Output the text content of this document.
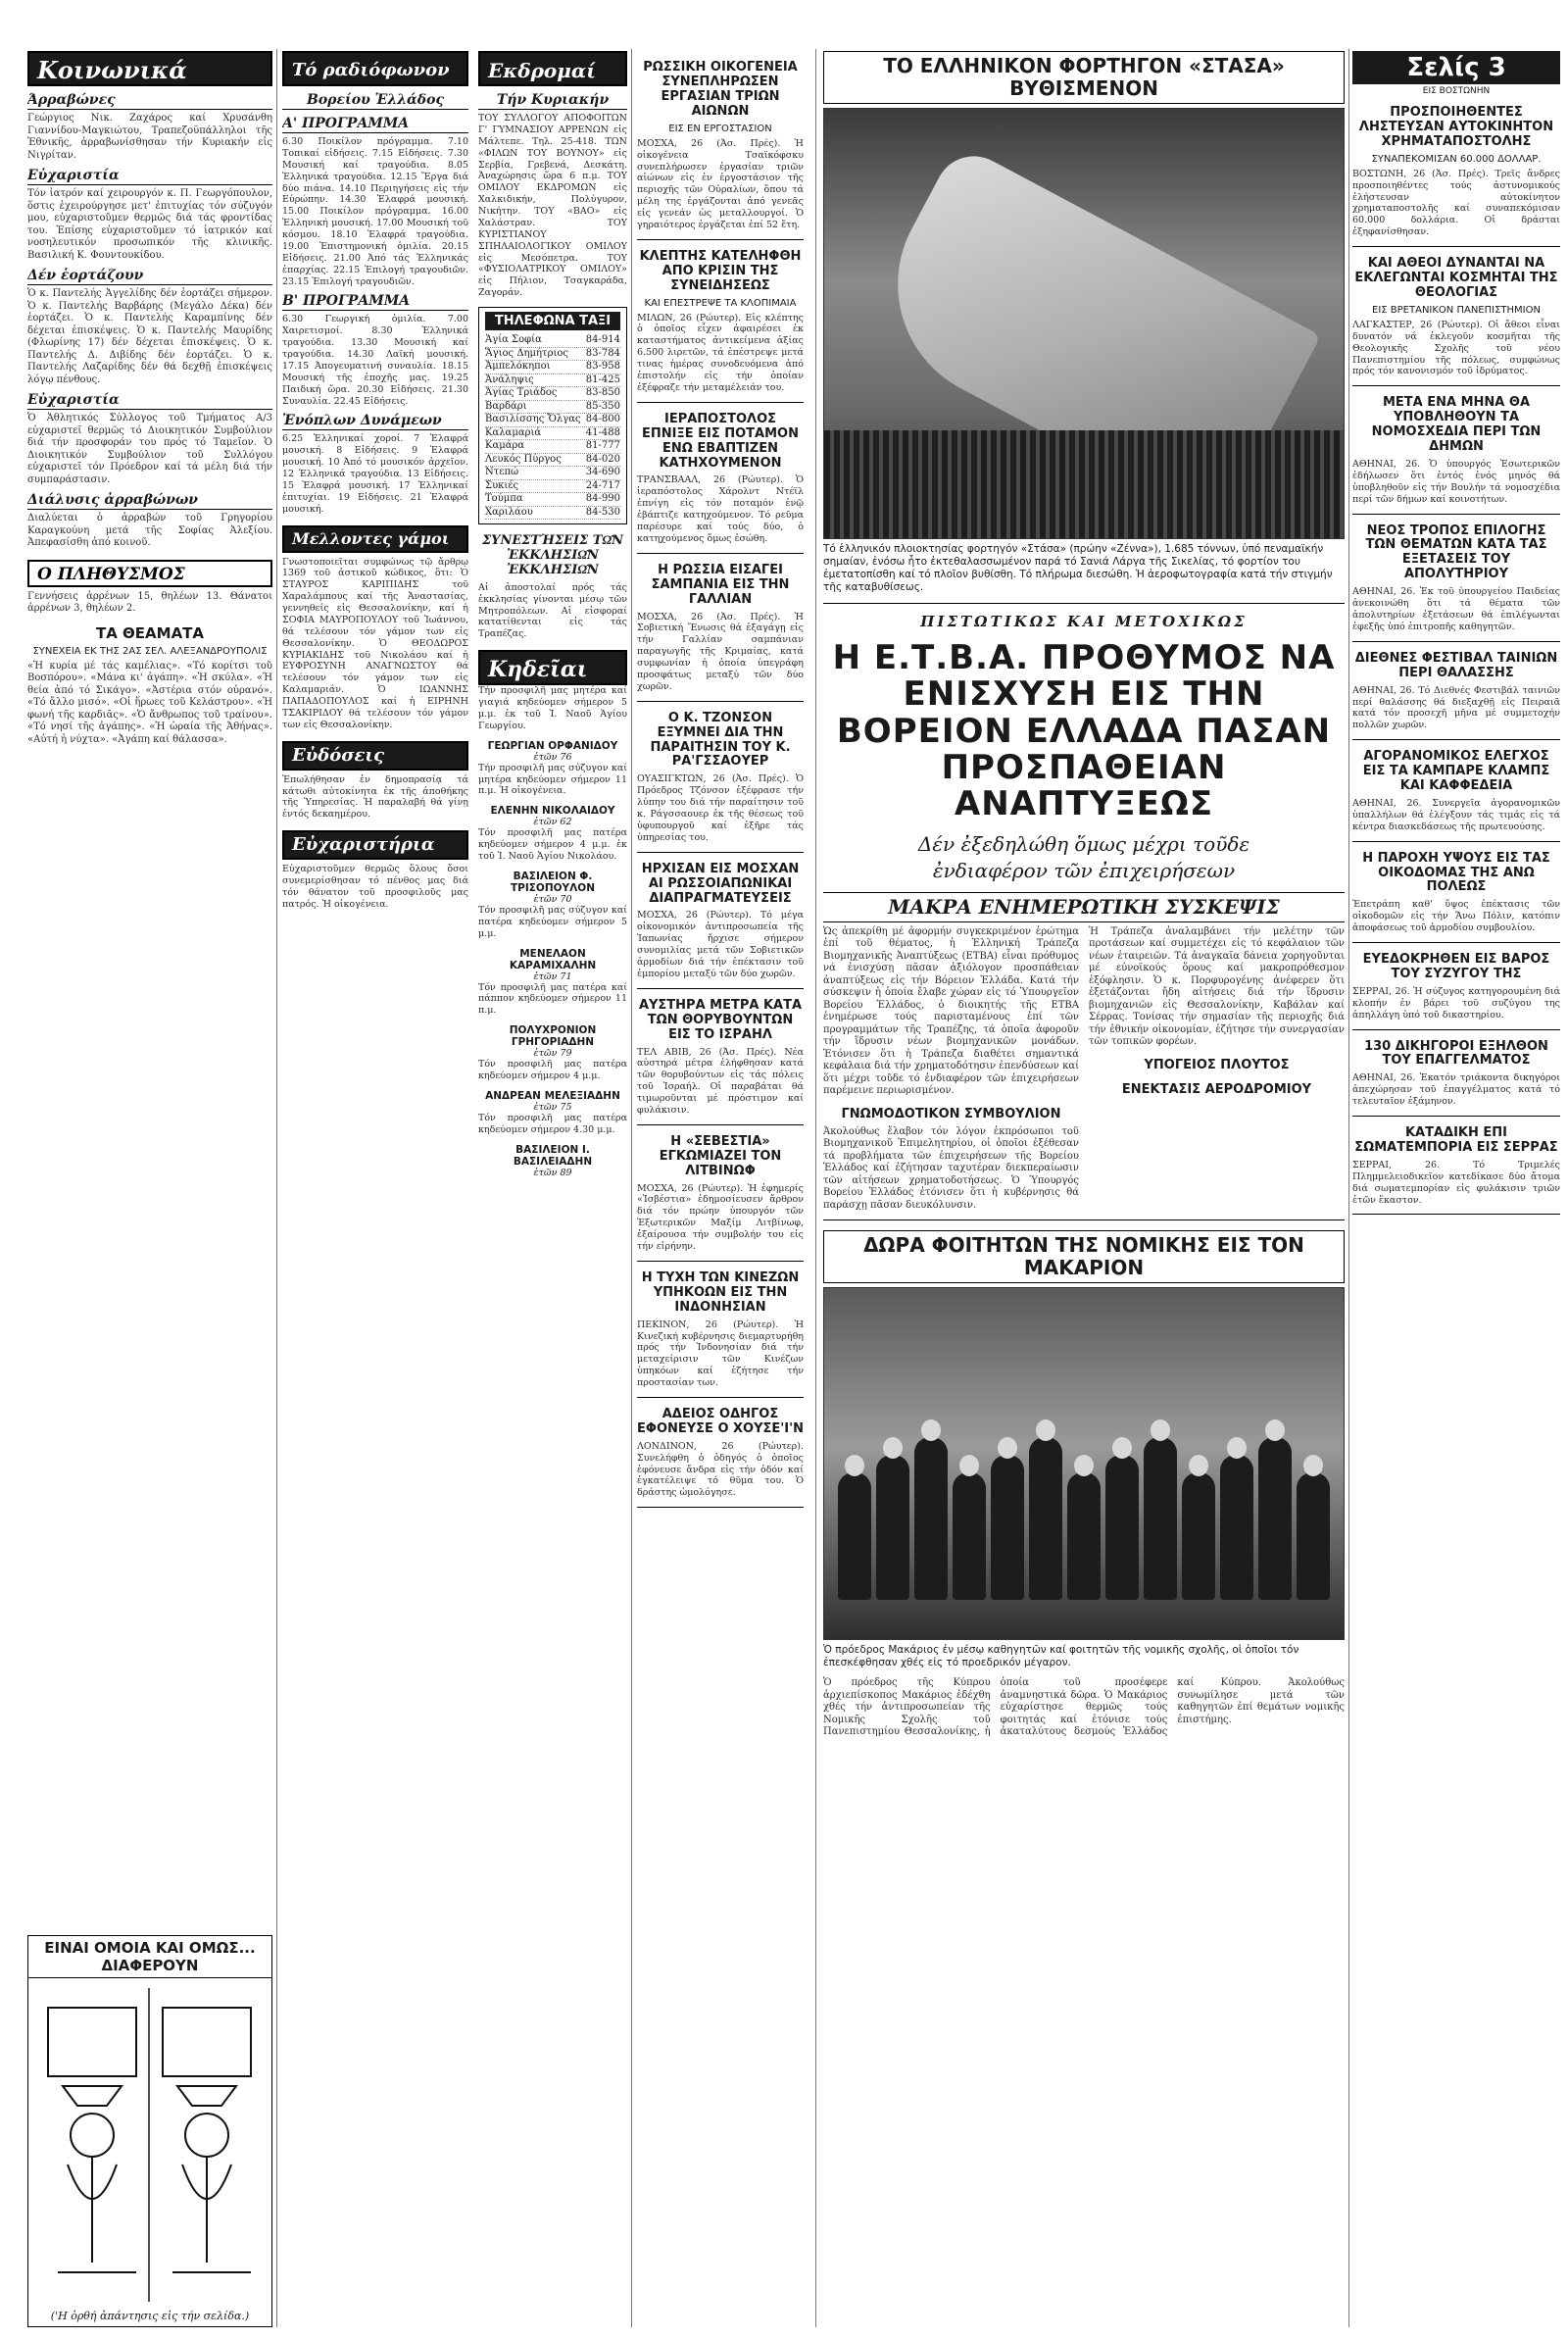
Κοινωνικά
Άρραβώνες
Γεώργιος Νικ. Ζαχάρος καί Χρυσάνθη Γιαννίδου-Μαγκιώτου, Τραπεζοϋπάλληλοι τῆς Ἐθνικῆς, ἀρραβωνίσθησαν τήν Κυριακήν εἰς Νιγρίταν.
Εὐχαριστία
Τόν ἰατρόν καί χειρουργόν κ. Π. Γεωργόπουλον, ὅστις ἐχειρούργησε μετ' ἐπιτυχίας τόν σύζυγόν μου, εὐχαριστοῦμεν θερμῶς διά τάς φροντίδας του. Ἐπίσης εὐχαριστοῦμεν τό ἰατρικόν καί νοσηλευτικόν προσωπικόν τῆς κλινικῆς. Βασιλική Κ. Φουντουκίδου.
Δέν ἑορτάζουν
Ὁ κ. Παντελής Ἀγγελίδης δέν ἑορτάζει σήμερον. Ὁ κ. Παντελής Βαρβάρης (Μεγάλο Δέκα) δέν ἑορτάζει. Ὁ κ. Παντελής Καραμπίνης δέν δέχεται ἐπισκέψεις. Ὁ κ. Παντελής Μαυρίδης (Φλωρίνης 17) δέν δέχεται ἐπισκέψεις. Ὁ κ. Παντελής Δ. Διβίδης δέν ἑορτάζει. Ὁ κ. Παντελής Λαζαρίδης δέν θά δεχθῇ ἐπισκέψεις λόγῳ πένθους.
Εὐχαριστία
Ὁ Ἀθλητικός Σύλλογος τοῦ Τμήματος Α/3 εὐχαριστεῖ θερμῶς τό Διοικητικόν Συμβούλιον διά τήν προσφοράν του πρός τό Ταμεῖον. Ὁ Διοικητικόν Συμβούλιον τοῦ Συλλόγου εὐχαριστεῖ τόν Πρόεδρον καί τά μέλη διά τήν συμπαράστασιν.
Διάλυσις ἀρραβώνων
Διαλύεται ὁ ἀρραβών τοῦ Γρηγορίου Καραγκούνη μετά τῆς Σοφίας Ἀλεξίου. Ἀπεφασίσθη ἀπό κοινοῦ.
Ο ΠΛΗΘΥΣΜΟΣ
Γεννήσεις ἀρρένων 15, θηλέων 13. Θάνατοι ἀρρένων 3, θηλέων 2.
ΤΑ ΘΕΑΜΑΤΑ
ΣΥΝΕΧΕΙΑ ΕΚ ΤΗΣ 2ΑΣ ΣΕΛ. ΑΛΕΞΑΝΔΡΟΥΠΟΛΙΣ
«Ἡ κυρία μέ τάς καμέλιας». «Τό κορίτσι τοῦ Βοσπόρου». «Μάνα κι' ἀγάπη». «Ἡ σκύλα». «Ἡ θεία ἀπό τό Σικάγο». «Ἀστέρια στόν οὐρανό». «Τό ἄλλο μισό». «Οἱ ἥρωες τοῦ Κελάστρου». «Ἡ φωνή τῆς καρδιᾶς». «Ὁ ἄνθρωπος τοῦ τραίνου». «Τό νησί τῆς ἀγάπης». «Ἡ ὡραία τῆς Ἀθήνας». «Αὐτή ἡ νύχτα». «Ἀγάπη καί θάλασσα».
ΕΙΝΑΙ ΟΜΟΙΑ ΚΑΙ ΟΜΩΣ... ΔΙΑΦΕΡΟΥΝ
('Η ὀρθή ἀπάντησις εἰς τήν σελίδα.)
Τό ραδιόφωνον
Βορείου Ἑλλάδος
Α' ΠΡΟΓΡΑΜΜΑ
6.30 Ποικίλον πρόγραμμα. 7.10 Τοπικαί εἰδήσεις. 7.15 Εἰδήσεις. 7.30 Μουσική καί τραγούδια. 8.05 Ἑλληνικά τραγούδια. 12.15 Ἔργα διά δύο πιάνα. 14.10 Περιηγήσεις εἰς τήν Εὐρώπην. 14.30 Ἑλαφρά μουσική. 15.00 Ποικίλον πρόγραμμα. 16.00 Ἑλληνική μουσική. 17.00 Μουσική τοῦ κόσμου. 18.10 Ἐλαφρά τραγούδια. 19.00 Ἐπιστημονική ὁμιλία. 20.15 Εἰδήσεις. 21.00 Ἀπό τάς Ἑλληνικάς ἐπαρχίας. 22.15 Ἐπιλογή τραγουδιῶν. 23.15 Ἐπιλογή τραγουδιῶν.
Β' ΠΡΟΓΡΑΜΜΑ
6.30 Γεωργική ὁμιλία. 7.00 Χαιρετισμοί. 8.30 Ἑλληνικά τραγούδια. 13.30 Μουσική καί τραγούδια. 14.30 Λαϊκή μουσική. 17.15 Ἀπογευματινή συναυλία. 18.15 Μουσική τῆς ἐποχῆς μας. 19.25 Παιδική ὥρα. 20.30 Εἰδήσεις. 21.30 Συναυλία. 22.45 Εἰδήσεις.
Ἐνόπλων Δυνάμεων
6.25 Ἑλληνικαί χοροί. 7 Ἑλαφρά μουσική. 8 Εἰδήσεις. 9 Ἐλαφρά μουσική. 10 Ἀπό τό μουσικόν ἀρχεῖον. 12 Ἑλληνικά τραγούδια. 13 Εἰδήσεις. 15 Ἐλαφρά μουσική. 17 Ἑλληνικαί ἐπιτυχίαι. 19 Εἰδήσεις. 21 Ἐλαφρά μουσική.
Μελλοντες γάμοι
Γνωστοποιεῖται συμφώνως τῷ ἄρθρῳ 1369 τοῦ ἀστικοῦ κώδικος, ὅτι: Ὁ ΣΤΑΥΡΟΣ ΚΑΡΙΠΙΔΗΣ τοῦ Χαραλάμπους καί τῆς Ἀναστασίας, γεννηθείς εἰς Θεσσαλονίκην, καί ἡ ΣΟΦΙΑ ΜΑΥΡΟΠΟΥΛΟΥ τοῦ Ἰωάννου, θά τελέσουν τόν γάμον των εἰς Θεσσαλονίκην. Ὁ ΘΕΟΔΩΡΟΣ ΚΥΡΙΑΚΙΔΗΣ τοῦ Νικολάου καί ἡ ΕΥΦΡΟΣΥΝΗ ΑΝΑΓΝΩΣΤΟΥ θά τελέσουν τόν γάμον των εἰς Καλαμαριάν. Ὁ ΙΩΑΝΝΗΣ ΠΑΠΑΔΟΠΟΥΛΟΣ καί ἡ ΕΙΡΗΝΗ ΤΣΑΚΙΡΙΔΟΥ θά τελέσουν τόν γάμον των εἰς Θεσσαλονίκην.
Εὐδόσεις
Ἐπωλήθησαν ἐν δημοπρασίᾳ τά κάτωθι αὐτοκίνητα ἐκ τῆς ἀποθήκης τῆς Ὑπηρεσίας. Ἡ παραλαβή θά γίνῃ ἐντός δεκαημέρου.
Εὐχαριστήρια
Εὐχαριστοῦμεν θερμῶς ὅλους ὅσοι συνεμερίσθησαν τό πένθος μας διά τόν θάνατον τοῦ προσφιλοῦς μας πατρός. Ἡ οἰκογένεια.
Εκδρομαί
Τήν Κυριακήν
ΤΟΥ ΣΥΛΛΟΓΟΥ ΑΠΟΦΟΙΤΩΝ Γ' ΓΥΜΝΑΣΙΟΥ ΑΡΡΕΝΩΝ εἰς Μάλτεπε. Τηλ. 25-418. ΤΩΝ «ΦΙΛΩΝ ΤΟΥ ΒΟΥΝΟΥ» εἰς Σερβία, Γρεβενά, Δεσκάτη. Ἀναχώρησις ὥρα 6 π.μ. ΤΟΥ ΟΜΙΛΟΥ ΕΚΔΡΟΜΩΝ εἰς Χαλκιδικήν, Πολύγυρον, Νικήτην. ΤΟΥ «ΒΑΟ» εἰς Χαλάστραν. ΤΟΥ ΚΥΡΙΣΤΙΑΝΟΥ ΣΠΗΛΑΙΟΛΟΓΙΚΟΥ ΟΜΙΛΟΥ εἰς Μεσόπετρα. ΤΟΥ «ΦΥΣΙΟΛΑΤΡΙΚΟΥ ΟΜΙΛΟΥ» εἰς Πήλιον, Τσαγκαράδα, Ζαγοράν.
ΤΗΛΕΦΩΝΑ ΤΑΞΙ
Ἁγία Σοφία	84-914
Ἅγιος Δημήτριος 83-784
Ἀμπελόκηποι	83-958
Ἀνάληψις	81-425
Ἀγίας Τριάδος	83-850
Βαρδάρι	85-350
Βασιλίσσης Ὄλγας 84-800
Καλαμαριά	41-488
Καμάρα	81-777
Λευκός Πύργος 84-020
Ντεπώ	34-690
Συκιές	24-717
Τούμπα	84-990
Χαριλάου	84-530
ΣΥΝΕΣΤΉΣΕΙΣ ΤΩ͂Ν ἘΚΚΛΗΣΙΩ͂Ν ἘΚΚΛΗΣΙΩ͂Ν
Αἱ ἀποστολαί πρός τάς ἐκκλησίας γίνονται μέσῳ τῶν Μητροπόλεων. Αἱ εἰσφοραί κατατίθενται εἰς τάς Τραπέζας.
Κηδεῖαι
Τήν προσφιλῆ μας μητέρα καί γιαγιά κηδεύομεν σήμερον 5 μ.μ. ἐκ τοῦ Ἱ. Ναοῦ Ἁγίου Γεωργίου.
ΓΕΩΡΓΙΑΝ ΟΡΦΑΝΙΔΟΥ
ἐτῶν 76
Τήν προσφιλῆ μας σύζυγον καί μητέρα κηδεύομεν σήμερον 11 π.μ. Ἡ οἰκογένεια.
ΕΛΕΝΗΝ ΝΙΚΟΛΑΙΔΟΥ
ἐτῶν 62
Τόν προσφιλῆ μας πατέρα κηδεύομεν σήμερον 4 μ.μ. ἐκ τοῦ Ἱ. Ναοῦ Ἁγίου Νικολάου.
ΒΑΣΙΛΕΙΟΝ Φ. ΤΡΙΣΟΠΟΥΛΟΝ
ἐτῶν 70
Τόν προσφιλῆ μας σύζυγον καί πατέρα κηδεύομεν σήμερον 5 μ.μ.
ΜΕΝΕΛΑΟΝ ΚΑΡΑΜΙΧΑΛΗΝ
ἐτῶν 71
Τόν προσφιλῆ μας πατέρα καί πάππον κηδεύομεν σήμερον 11 π.μ.
ΠΟΛΥΧΡΟΝΙΟΝ ΓΡΗΓΟΡΙΑΔΗΝ
ἐτῶν 79
Τόν προσφιλῆ μας πατέρα κηδεύομεν σήμερον 4 μ.μ.
ΑΝΔΡΕΑΝ ΜΕΛΕΞΙΑΔΗΝ
ἐτῶν 75
Τόν προσφιλῆ μας πατέρα κηδεύομεν σήμερον 4.30 μ.μ.
ΒΑΣΙΛΕΙΟΝ Ι. ΒΑΣΙΛΕΙΑΔΗΝ
ἐτῶν 89
ΡΩΣΣΙΚΗ ΟΙΚΟΓΕΝΕΙΑ ΣΥΝΕΠΛΗΡΩΣΕΝ ΕΡΓΑΣΙΑΝ ΤΡΙΩΝ ΑΙΩΝΩΝ
ΕΙΣ ΕΝ ΕΡΓΟΣΤΑΣΙΟΝ
ΜΟΣΧΑ, 26 (Ἀσ. Πρές). Ἡ οἰκογένεια Τσαϊκόφσκυ συνεπλήρωσεν ἐργασίαν τριῶν αἰώνων εἰς ἐν ἐργοστάσιον τῆς περιοχῆς τῶν Οὐραλίων, ὅπου τά μέλη της ἐργάζονται ἀπό γενεᾶς εἰς γενεάν ὡς μεταλλουργοί. Ὁ γηραιότερος ἐργάζεται ἐπί 52 ἔτη.
ΚΛΕΠΤΗΣ ΚΑΤΕΛΗΦΘΗ ΑΠΟ ΚΡΙΣΙΝ ΤΗΣ ΣΥΝΕΙΔΗΣΕΩΣ
ΚΑΙ ΕΠΕΣΤΡΕΨΕ ΤΑ ΚΛΟΠΙΜΑΙΑ
ΜΙΛΩΝ, 26 (Ρώυτερ). Εἰς κλέπτης ὁ ὁποῖος εἶχεν ἀφαιρέσει ἐκ καταστήματος ἀντικείμενα ἀξίας 6.500 λιρετῶν, τά ἐπέστρεψε μετά τινας ἡμέρας συνοδευόμενα ἀπό ἐπιστολήν εἰς τήν ὁποίαν ἐξέφραζε τήν μεταμέλειάν του.
ΙΕΡΑΠΟΣΤΟΛΟΣ ΕΠΝΙΞΕ ΕΙΣ ΠΟΤΑΜΟΝ ΕΝΩ ΕΒΑΠΤΙΖΕΝ ΚΑΤΗΧΟΥΜΕΝΟΝ
ΤΡΑΝΣΒΑΑΛ, 26 (Ρώυτερ). Ὁ ἱεραπόστολος Χάρολντ Ντέϊλ ἐπνίγη εἰς τόν ποταμόν ἐνῷ ἐβάπτιζε κατηχούμενον. Τό ρεῦμα παρέσυρε καί τούς δύο, ὁ κατηχούμενος ὅμως ἐσώθη.
Η ΡΩΣΣΙΑ ΕΙΣΑΓΕΙ ΣΑΜΠΑΝΙΑ ΕΙΣ ΤΗΝ ΓΑΛΛΙΑΝ
ΜΟΣΧΑ, 26 (Ἀσ. Πρές). Ἡ Σοβιετική Ἕνωσις θά ἐξαγάγῃ εἰς τήν Γαλλίαν σαμπάνιαν παραγωγῆς τῆς Κριμαίας, κατά συμφωνίαν ἡ ὁποία ὑπεγράφη προσφάτως μεταξύ τῶν δύο χωρῶν.
Ο Κ. ΤΖΟΝΣΟΝ ΕΞΥΜΝΕΙ ΔΙΑ ΤΗΝ ΠΑΡΑΙΤΗΣΙΝ ΤΟΥ Κ. ΡΑ'ΓΣΣΑΟΥΕΡ
ΟΥΑΣΙΓΚΤΩΝ, 26 (Ἀσ. Πρές). Ὁ Πρόεδρος Τζόνσον ἐξέφρασε τήν λύπην του διά τήν παραίτησιν τοῦ κ. Ράγσσαουερ ἐκ τῆς θέσεως τοῦ ὑφυπουργοῦ καί ἐξῆρε τάς ὑπηρεσίας του.
ΗΡΧΙΣΑΝ ΕΙΣ ΜΟΣΧΑΝ ΑΙ ΡΩΣΣΟΙΑΠΩΝΙΚΑΙ ΔΙΑΠΡΑΓΜΑΤΕΥΣΕΙΣ
ΜΟΣΧΑ, 26 (Ρώυτερ). Τό μέγα οἰκονομικόν ἀντιπροσωπεία τῆς Ἰαπωνίας ἤρχισε σήμερον συνομιλίας μετά τῶν Σοβιετικῶν ἀρμοδίων διά τήν ἐπέκτασιν τοῦ ἐμπορίου μεταξύ τῶν δύο χωρῶν.
ΑΥΣΤΗΡΑ ΜΕΤΡΑ ΚΑΤΑ ΤΩΝ ΘΟΡΥΒΟΥΝΤΩΝ ΕΙΣ ΤΟ ΙΣΡΑΗΛ
ΤΕΛ ΑΒΙΒ, 26 (Ἀσ. Πρές). Νέα αὐστηρά μέτρα ἐλήφθησαν κατά τῶν θορυβούντων εἰς τάς πόλεις τοῦ Ἰσραήλ. Οἱ παραβάται θά τιμωροῦνται μέ πρόστιμον καί φυλάκισιν.
Η «ΣΕΒΕΣΤΙΑ» ΕΓΚΩΜΙΑΖΕΙ ΤΟΝ ΛΙΤΒΙΝΩΦ
ΜΟΣΧΑ, 26 (Ρώυτερ). Ἡ ἐφημερίς «Ἰσβέστια» ἐδημοσίευσεν ἄρθρον διά τόν πρώην ὑπουργόν τῶν Ἐξωτερικῶν Μαξίμ Λιτβίνωφ, ἐξαίρουσα τήν συμβολήν του εἰς τήν εἰρήνην.
Η ΤΥΧΗ ΤΩΝ ΚΙΝΕΖΩΝ ΥΠΗΚΟΩΝ ΕΙΣ ΤΗΝ ΙΝΔΟΝΗΣΙΑΝ
ΠΕΚΙΝΟΝ, 26 (Ρώυτερ). Ἡ Κινεζική κυβέρνησις διεμαρτυρήθη πρός τήν Ἰνδονησίαν διά τήν μεταχείρισιν τῶν Κινέζων ὑπηκόων καί ἐζήτησε τήν προστασίαν των.
ΑΔΕΙΟΣ ΟΔΗΓΟΣ ΕΦΟΝΕΥΣΕ Ο ΧΟΥΣΕ'Ι'Ν
ΛΟΝΔΙΝΟΝ, 26 (Ρώυτερ). Συνελήφθη ὁ ὁδηγός ὁ ὁποῖος ἐφόνευσε ἄνδρα εἰς τήν ὁδόν καί ἐγκατέλειψε τό θῦμα του. Ὁ δράστης ὡμολόγησε.
ΤΟ ΕΛΛΗΝΙΚΟΝ ΦΟΡΤΗΓΟΝ «ΣΤΑΣΑ» ΒΥΘΙΣΜΕΝΟΝ
Τό ἑλληνικόν πλοιοκτησίας φορτηγόν «Στάσα» (πρώην «Ζέννα»), 1.685 τόννων, ὑπό πεναμαϊκήν σημαίαν, ἐνόσω ἦτο ἐκτεθαλασσωμένον παρά τό Σανιά Λάργα τῆς Σικελίας, τό φορτίον του ἐμετατοπίσθη καί τό πλοῖον βυθίσθη. Τό πλήρωμα διεσώθη. Ἡ ἀεροφωτογραφία κατά τήν στιγμήν τῆς καταβυθίσεως.
ΠΙΣΤΩΤΙΚΩΣ ΚΑΙ ΜΕΤΟΧΙΚΩΣ
Η Ε.Τ.Β.Α. ΠΡΟΘΥΜΟΣ ΝΑ ΕΝΙΣΧΥΣΗ ΕΙΣ ΤΗΝ ΒΟΡΕΙΟΝ ΕΛΛΑΔΑ ΠΑΣΑΝ ΠΡΟΣΠΑΘΕΙΑΝ ΑΝΑΠΤΥΞΕΩΣ
Δέν ἐξεδηλώθη ὅμως μέχρι τοῦδε
ἐνδιαφέρον τῶν ἐπιχειρήσεων
ΜΑΚΡΑ ΕΝΗΜΕΡΩΤΙΚΗ ΣΥΣΚΕΨΙΣ
Ὡς ἀπεκρίθη μέ ἀφορμήν συγκεκριμένον ἐρώτημα ἐπί τοῦ θέματος, ἡ Ἑλληνική Τράπεζα Βιομηχανικῆς Ἀναπτύξεως (ΕΤΒΑ) εἶναι πρόθυμος νά ἐνισχύσῃ πᾶσαν ἀξιόλογον προσπάθειαν ἀναπτύξεως εἰς τήν Βόρειον Ἑλλάδα. Κατά τήν σύσκεψιν ἡ ὁποία ἔλαβε χώραν εἰς τό Ὑπουργεῖον Βορείου Ἑλλάδος, ὁ διοικητής τῆς ΕΤΒΑ ἐνημέρωσε τούς παρισταμένους ἐπί τῶν προγραμμάτων τῆς Τραπέζης, τά ὁποῖα ἀφοροῦν τήν ἵδρυσιν νέων βιομηχανικῶν μονάδων. Ἐτόνισεν ὅτι ἡ Τράπεζα διαθέτει σημαντικά κεφάλαια διά τήν χρηματοδότησιν ἐπενδύσεων καί ὅτι μέχρι τοῦδε τό ἐνδιαφέρον τῶν ἐπιχειρήσεων παρέμεινε περιωρισμένον.
ΓΝΩΜΟΔΟΤΙΚΟΝ ΣΥΜΒΟΥΛΙΟΝ
Ἀκολούθως ἔλαβον τόν λόγον ἐκπρόσωποι τοῦ Βιομηχανικοῦ Ἐπιμελητηρίου, οἱ ὁποῖοι ἐξέθεσαν τά προβλήματα τῶν ἐπιχειρήσεων τῆς Βορείου Ἑλλάδος καί ἐζήτησαν ταχυτέραν διεκπεραίωσιν τῶν αἰτήσεων χρηματοδοτήσεως. Ὁ Ὑπουργός Βορείου Ἑλλάδος ἐτόνισεν ὅτι ἡ κυβέρνησις θά παράσχῃ πᾶσαν διευκόλυνσιν.
Ἡ Τράπεζα ἀναλαμβάνει τήν μελέτην τῶν προτάσεων καί συμμετέχει εἰς τό κεφάλαιον τῶν νέων ἑταιρειῶν. Τά ἀναγκαῖα δάνεια χορηγοῦνται μέ εὐνοϊκούς ὅρους καί μακροπρόθεσμον ἐξόφλησιν. Ὁ κ. Πορφυρογένης ἀνέφερεν ὅτι ἐξετάζονται ἤδη αἰτήσεις διά τήν ἵδρυσιν βιομηχανιῶν εἰς Θεσσαλονίκην, Καβάλαν καί Σέρρας. Τονίσας τήν σημασίαν τῆς περιοχῆς διά τήν ἐθνικήν οἰκονομίαν, ἐζήτησε τήν συνεργασίαν τῶν τοπικῶν φορέων.
ΥΠΟΓΕΙΟΣ ΠΛΟΥΤΟΣ
ΕΝΕΚΤΑΣΙΣ ΑΕΡΟΔΡΟΜΙΟΥ
ΔΩΡΑ ΦΟΙΤΗΤΩΝ ΤΗΣ ΝΟΜΙΚΗΣ ΕΙΣ ΤΟΝ ΜΑΚΑΡΙΟΝ
Ὁ πρόεδρος Μακάριος ἐν μέσῳ καθηγητῶν καί φοιτητῶν τῆς νομικῆς σχολῆς, οἱ ὁποῖοι τόν ἐπεσκέφθησαν χθές εἰς τό προεδρικόν μέγαρον.
Ὁ πρόεδρος τῆς Κύπρου ἀρχιεπίσκοπος Μακάριος ἐδέχθη χθές τήν ἀντιπροσωπείαν τῆς Νομικῆς Σχολῆς τοῦ Πανεπιστημίου Θεσσαλονίκης, ἡ ὁποία τοῦ προσέφερε ἀναμνηστικά δῶρα. Ὁ Μακάριος εὐχαρίστησε θερμῶς τούς φοιτητάς καί ἐτόνισε τούς ἀκαταλύτους δεσμούς Ἑλλάδος καί Κύπρου. Ἀκολούθως συνωμίλησε μετά τῶν καθηγητῶν ἐπί θεμάτων νομικῆς ἐπιστήμης.
Σελίς 3
ΕΙΣ ΒΟΣΤΩΝΗΝ
ΠΡΟΣΠΟΙΗΘΕΝΤΕΣ ΛΗΣΤΕΥΣΑΝ ΑΥΤΟΚΙΝΗΤΟΝ ΧΡΗΜΑΤΑΠΟΣΤΟΛΗΣ
ΣΥΝΑΠΕΚΟΜΙΣΑΝ 60.000 ΔΟΛΛΑΡ.
ΒΟΣΤΩΝΗ, 26 (Ἀσ. Πρές). Τρεῖς ἄνδρες προσποιηθέντες τούς ἀστυνομικούς ἐλήστευσαν αὐτοκίνητον χρηματαποστολῆς καί συναπεκόμισαν 60.000 δολλάρια. Οἱ δράσται ἐξηφανίσθησαν.
ΚΑΙ ΑΘΕΟΙ ΔΥΝΑΝΤΑΙ ΝΑ ΕΚΛΕΓΩΝΤΑΙ ΚΟΣΜΗΤΑΙ ΤΗΣ ΘΕΟΛΟΓΙΑΣ
ΕΙΣ ΒΡΕΤΑΝΙΚΟΝ ΠΑΝΕΠΙΣΤΗΜΙΟΝ
ΛΑΓΚΑΣΤΕΡ, 26 (Ρώυτερ). Οἱ ἄθεοι εἶναι δυνατόν νά ἐκλεγοῦν κοσμῆται τῆς Θεολογικῆς Σχολῆς τοῦ νέου Πανεπιστημίου τῆς πόλεως, συμφώνως πρός τόν κανονισμόν τοῦ ἱδρύματος.
ΜΕΤΑ ΕΝΑ ΜΗΝΑ ΘΑ ΥΠΟΒΛΗΘΟΥΝ ΤΑ ΝΟΜΟΣΧΕΔΙΑ ΠΕΡΙ ΤΩΝ ΔΗΜΩΝ
ΑΘΗΝΑΙ, 26. Ὁ ὑπουργός Ἐσωτερικῶν ἐδήλωσεν ὅτι ἐντός ἑνός μηνός θά ὑποβληθοῦν εἰς τήν Βουλήν τά νομοσχέδια περί τῶν δήμων καί κοινοτήτων.
ΝΕΟΣ ΤΡΟΠΟΣ ΕΠΙΛΟΓΗΣ ΤΩΝ ΘΕΜΑΤΩΝ ΚΑΤΑ ΤΑΣ ΕΞΕΤΑΣΕΙΣ ΤΟΥ ΑΠΟΛΥΤΗΡΙΟΥ
ΑΘΗΝΑΙ, 26. Ἐκ τοῦ ὑπουργείου Παιδείας ἀνεκοινώθη ὅτι τά θέματα τῶν ἀπολυτηρίων ἐξετάσεων θά ἐπιλέγωνται ἐφεξῆς ὑπό ἐπιτροπῆς καθηγητῶν.
ΔΙΕΘΝΕΣ ΦΕΣΤΙΒΑΛ ΤΑΙΝΙΩΝ ΠΕΡΙ ΘΑΛΑΣΣΗΣ
ΑΘΗΝΑΙ, 26. Τό Διεθνές Φεστιβάλ ταινιῶν περί θαλάσσης θά διεξαχθῇ εἰς Πειραιᾶ κατά τόν προσεχῆ μῆνα μέ συμμετοχήν πολλῶν χωρῶν.
ΑΓΟΡΑΝΟΜΙΚΟΣ ΕΛΕΓΧΟΣ ΕΙΣ ΤΑ ΚΑΜΠΑΡΕ ΚΛΑΜΠΣ ΚΑΙ ΚΑΦΦΕΔΕΙΑ
ΑΘΗΝΑΙ, 26. Συνεργεῖα ἀγορανομικῶν ὑπαλλήλων θά ἐλέγξουν τάς τιμάς εἰς τά κέντρα διασκεδάσεως τῆς πρωτευούσης.
Η ΠΑΡΟΧΗ ΥΨΟΥΣ ΕΙΣ ΤΑΣ ΟΙΚΟΔΟΜΑΣ ΤΗΣ ΑΝΩ ΠΟΛΕΩΣ
Ἐπετράπη καθ' ὕψος ἐπέκτασις τῶν οἰκοδομῶν εἰς τήν Ἄνω Πόλιν, κατόπιν ἀποφάσεως τοῦ ἁρμοδίου συμβουλίου.
ΕΥΕΔΟΚΡΗΘΕΝ ΕΙΣ ΒΑΡΟΣ ΤΟΥ ΣΥΖΥΓΟΥ ΤΗΣ
ΣΕΡΡΑΙ, 26. Ἡ σύζυγος κατηγορουμένη διά κλοπήν ἐν βάρει τοῦ συζύγου της ἀπηλλάγη ὑπό τοῦ δικαστηρίου.
130 ΔΙΚΗΓΟΡΟΙ ΕΞΗΛΘΟΝ ΤΟΥ ΕΠΑΓΓΕΛΜΑΤΟΣ
ΑΘΗΝΑΙ, 26. Ἐκατόν τριάκοντα δικηγόροι ἀπεχώρησαν τοῦ ἐπαγγέλματος κατά τό τελευταῖον ἑξάμηνον.
ΚΑΤΑΔΙΚΗ ΕΠΙ ΣΩΜΑΤΕΜΠΟΡΙΑ ΕΙΣ ΣΕΡΡΑΣ
ΣΕΡΡΑΙ, 26. Τό Τριμελές Πλημμελειοδικεῖον κατεδίκασε δύο ἄτομα διά σωματεμπορίαν εἰς φυλάκισιν τριῶν ἐτῶν ἕκαστον.
